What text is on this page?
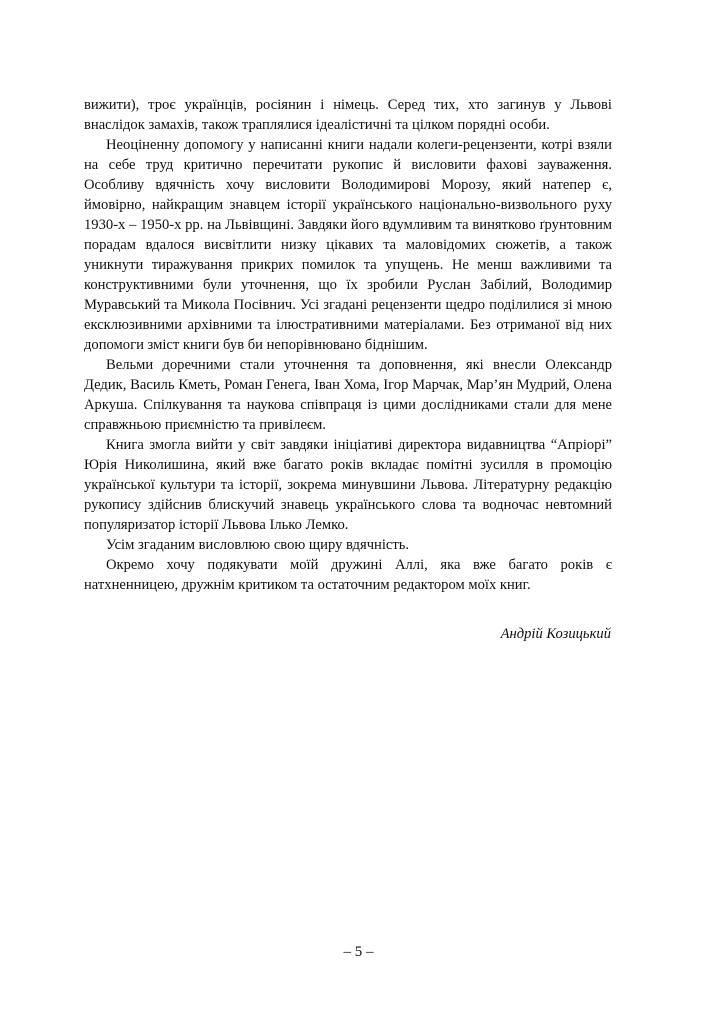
вижити), троє українців, росіянин і німець. Серед тих, хто загинув у Львові внаслідок замахів, також траплялися ідеалістичні та цілком порядні особи.

Неоціненну допомогу у написанні книги надали колеги-рецензенти, котрі взяли на себе труд критично перечитати рукопис й висловити фахові зауваження. Особливу вдячність хочу висловити Володимирові Морозу, який натепер є, ймовірно, найкращим знавцем історії українського національно-визвольного руху 1930-х – 1950-х рр. на Львівщині. Завдяки його вдумливим та винятково ґрунтовним порадам вдалося висвітлити низку цікавих та маловідомих сюжетів, а також уникнути тиражування прикрих помилок та упущень. Не менш важливими та конструктивними були уточнення, що їх зробили Руслан Забілий, Володимир Муравський та Микола Посівнич. Усі згадані рецензенти щедро поділилися зі мною ексклюзивними архівними та ілюстративними матеріалами. Без отриманої від них допомоги зміст книги був би непорівнювано біднішим.

Вельми доречними стали уточнення та доповнення, які внесли Олександр Дедик, Василь Кметь, Роман Генега, Іван Хома, Ігор Марчак, Мар’ян Мудрий, Олена Аркуша. Спілкування та наукова співпраця із цими дослідниками стали для мене справжньою приємністю та привілеєм.

Книга змогла вийти у світ завдяки ініціативі директора видавництва “Апріорі” Юрія Николишина, який вже багато років вкладає помітні зусилля в промоцію української культури та історії, зокрема минувшини Львова. Літературну редакцію рукопису здійснив блискучий знавець українського слова та водночас невтомний популяризатор історії Львова Ілько Лемко.

Усім згаданим висловлюю свою щиру вдячність.

Окремо хочу подякувати моїй дружині Аллі, яка вже багато років є натхненницею, дружнім критиком та остаточним редактором моїх книг.

Андрій Козицький
– 5 –
